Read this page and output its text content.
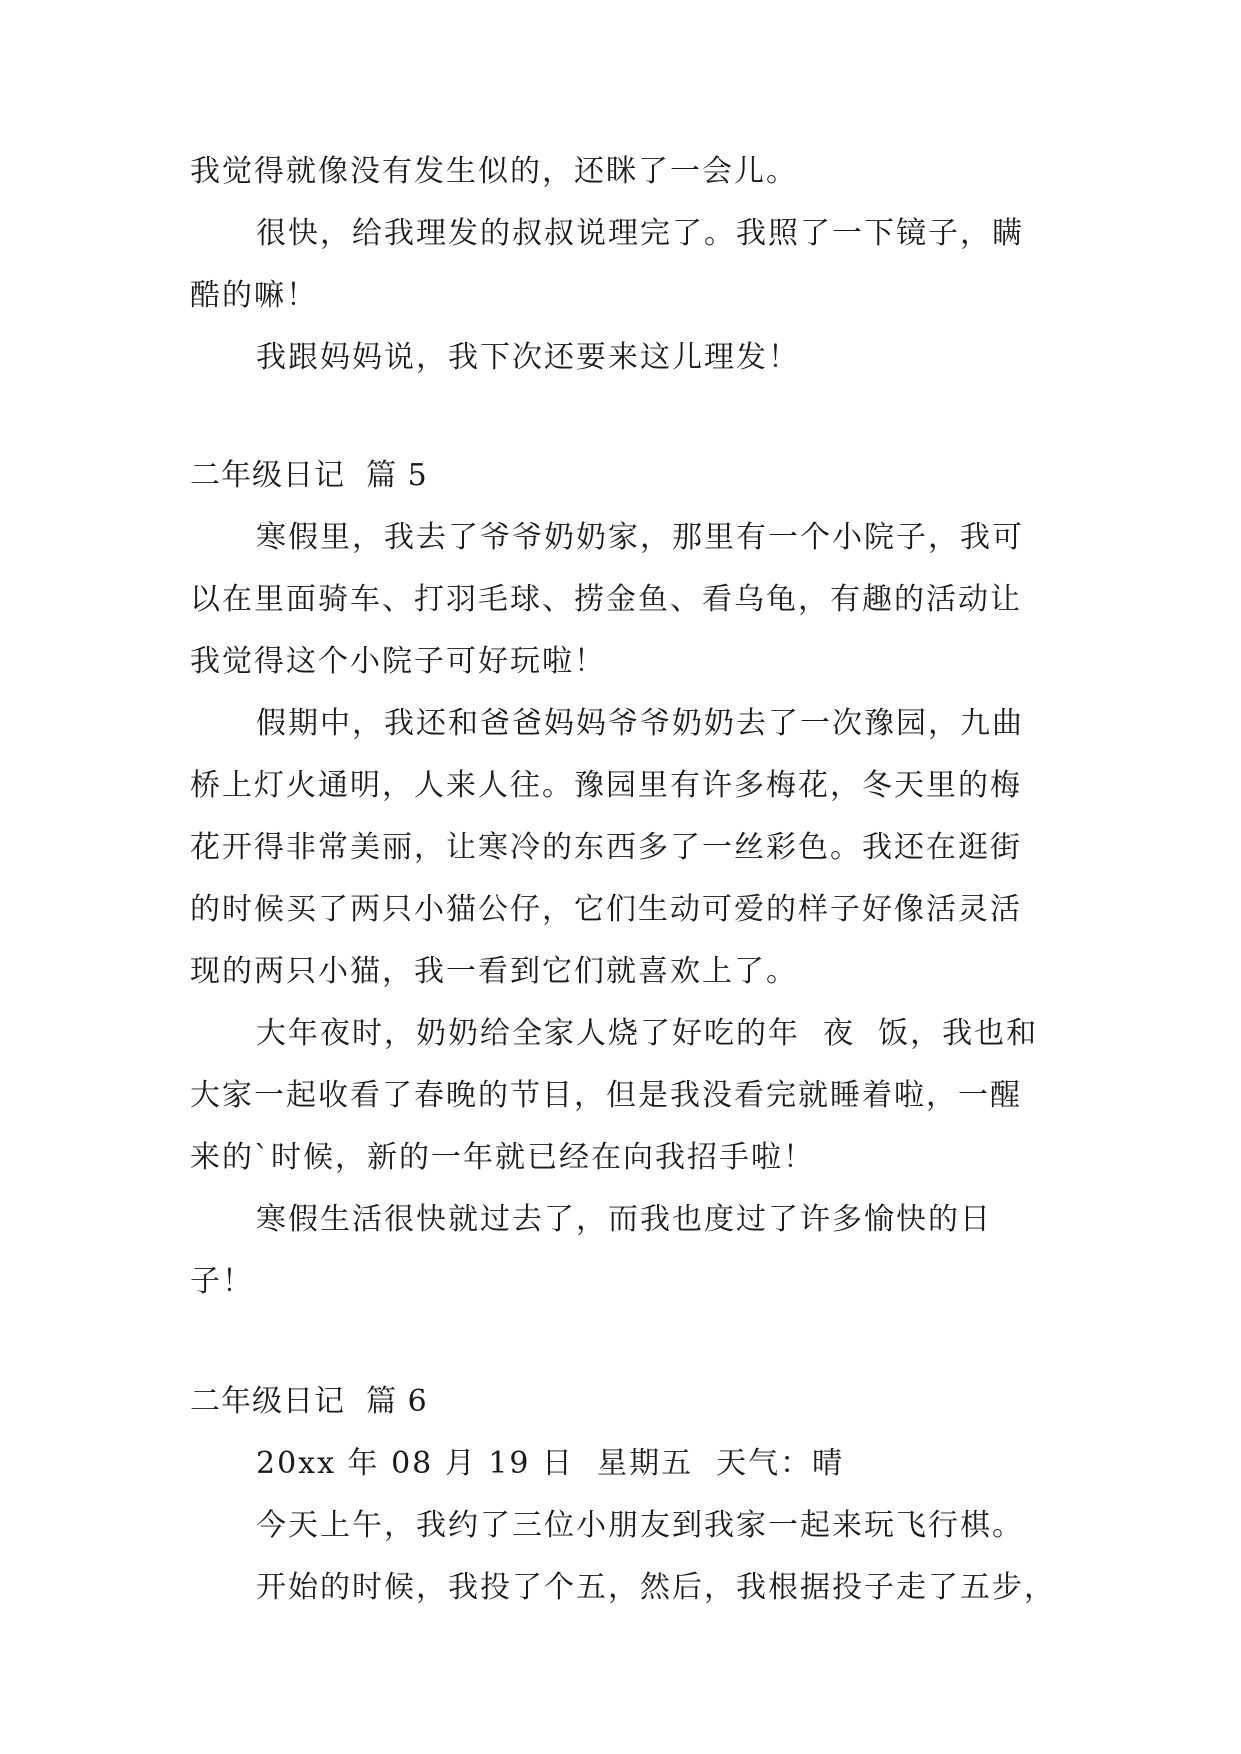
我觉得就像没有发生似的，还眯了一会儿。
很快，给我理发的叔叔说理完了。我照了一下镜子，瞒
酷的嘛！
我跟妈妈说，我下次还要来这儿理发！
二年级日记  篇 5
寒假里，我去了爷爷奶奶家，那里有一个小院子，我可
以在里面骑车、打羽毛球、捞金鱼、看乌龟，有趣的活动让
我觉得这个小院子可好玩啦！
假期中，我还和爸爸妈妈爷爷奶奶去了一次豫园，九曲
桥上灯火通明，人来人往。豫园里有许多梅花，冬天里的梅
花开得非常美丽，让寒冷的东西多了一丝彩色。我还在逛街
的时候买了两只小猫公仔，它们生动可爱的样子好像活灵活
现的两只小猫，我一看到它们就喜欢上了。
大年夜时，奶奶给全家人烧了好吃的年  夜  饭，我也和
大家一起收看了春晚的节目，但是我没看完就睡着啦，一醒
来的`时候，新的一年就已经在向我招手啦！
寒假生活很快就过去了，而我也度过了许多愉快的日
子！
二年级日记  篇 6
20xx 年 08 月 19 日  星期五  天气：晴
今天上午，我约了三位小朋友到我家一起来玩飞行棋。
开始的时候，我投了个五，然后，我根据投子走了五步，
